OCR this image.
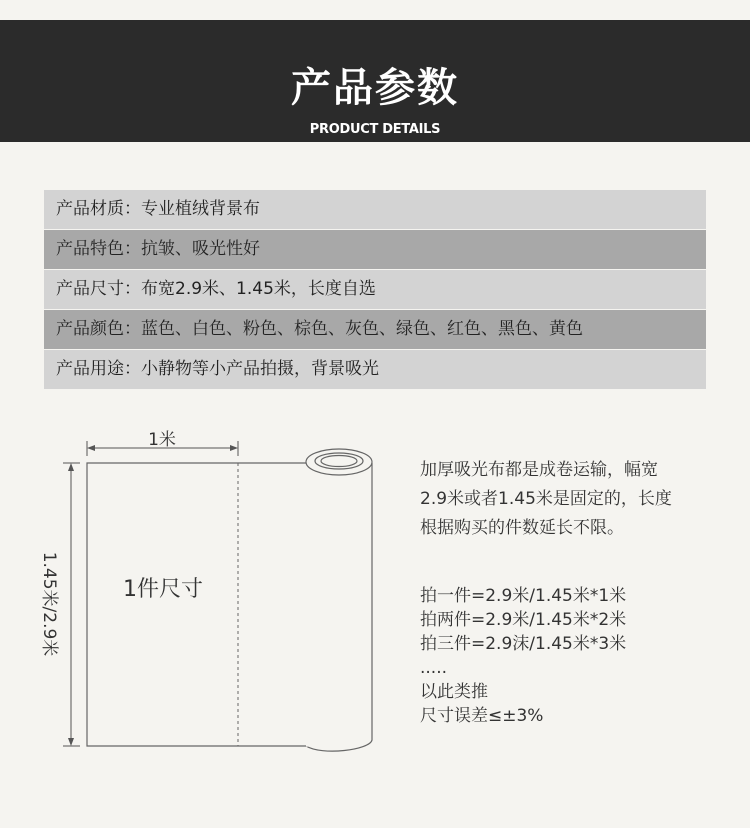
产品参数
PRODUCT DETAILS
产品材质：专业植绒背景布
产品特色：抗皱、吸光性好
产品尺寸：布宽2.9米、1.45米，长度自选
产品颜色：蓝色、白色、粉色、棕色、灰色、绿色、红色、黑色、黄色
产品用途：小静物等小产品拍摄，背景吸光
1米
1.45米/2.9米	1件尺寸

加厚吸光布都是成卷运输，幅宽

2.9米或者1.45米是固定的，长度

根据购买的件数延长不限。

拍一件=2.9米/1.45米*1米
拍两件=2.9米/1.45米*2米
拍三件=2.9沫/1.45米*3米
.....
以此类推
尺寸误差≤±3%
